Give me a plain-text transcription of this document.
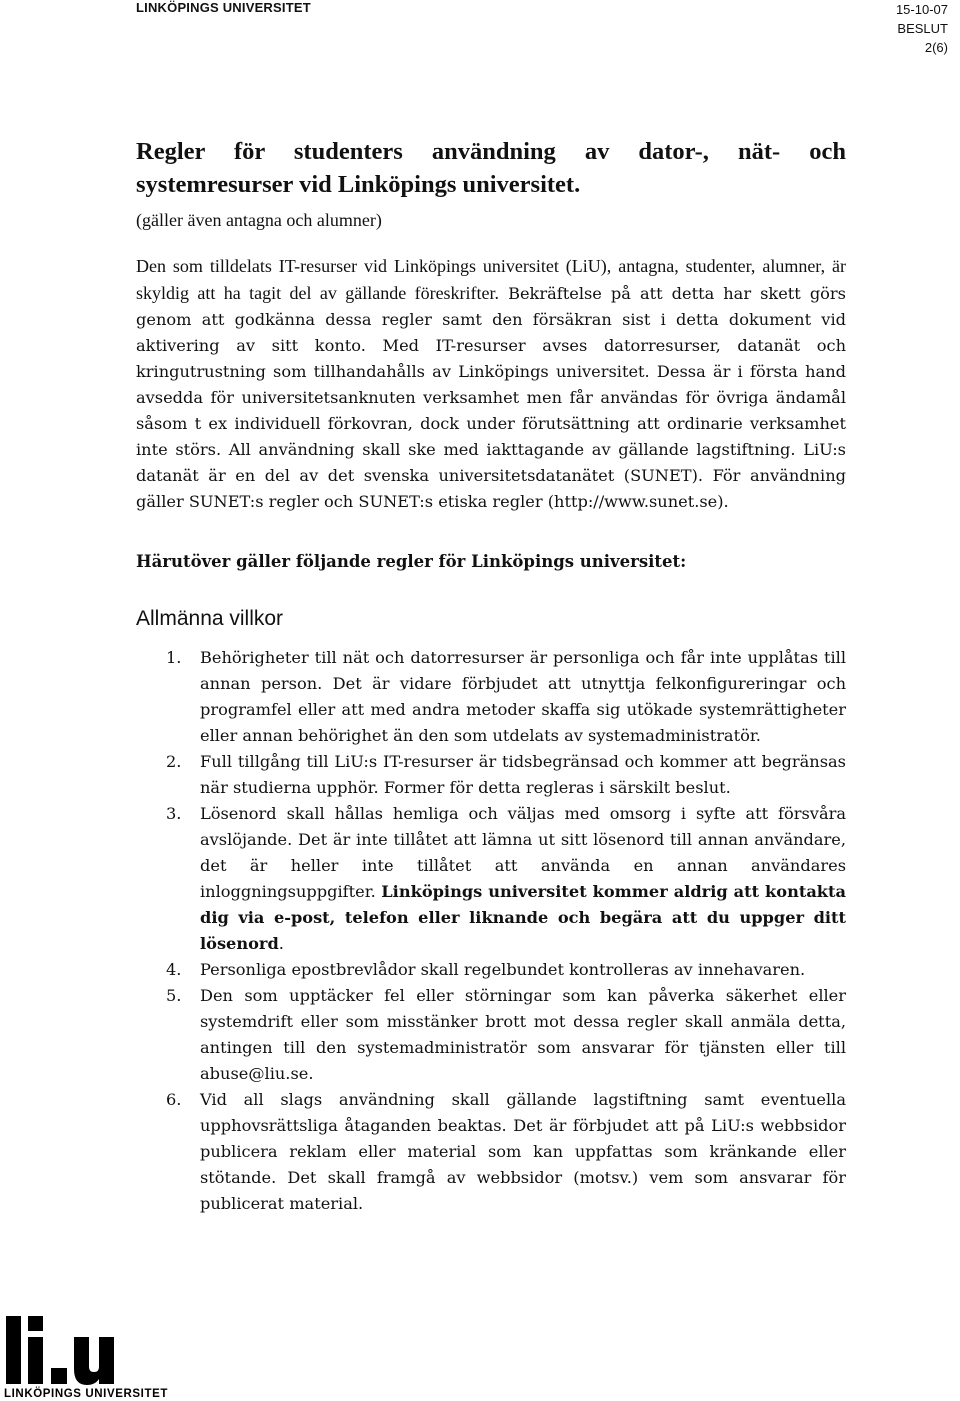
LINKÖPINGS UNIVERSITET	15-10-07
BESLUT
2(6)
Regler för studenters användning av dator-, nät- och systemresurser vid Linköpings universitet.

(gäller även antagna och alumner)

Den som tilldelats IT-resurser vid Linköpings universitet (LiU), antagna, studenter, alumner, är skyldig att ha tagit del av gällande föreskrifter. Bekräftelse på att detta har skett görs genom att godkänna dessa regler samt den försäkran sist i detta dokument vid aktivering av sitt konto. Med IT-resurser avses datorresurser, datanät och kringutrustning som tillhandahålls av Linköpings universitet. Dessa är i första hand avsedda för universitetsanknuten verksamhet men får användas för övriga ändamål såsom t ex individuell förkovran, dock under förutsättning att ordinarie verksamhet inte störs. All användning skall ske med iakttagande av gällande lagstiftning. LiU:s datanät är en del av det svenska universitetsdatanätet (SUNET). För användning gäller SUNET:s regler och SUNET:s etiska regler (http://www.sunet.se).

Härutöver gäller följande regler för Linköpings universitet:

Allmänna villkor
1. Behörigheter till nät och datorresurser är personliga och får inte upplåtas till annan person. Det är vidare förbjudet att utnyttja felkonfigureringar och programfel eller att med andra metoder skaffa sig utökade systemrättigheter eller annan behörighet än den som utdelats av systemadministratör.
2. Full tillgång till LiU:s IT-resurser är tidsbegränsad och kommer att begränsas när studierna upphör. Former för detta regleras i särskilt beslut.
3. Lösenord skall hållas hemliga och väljas med omsorg i syfte att försvåra avslöjande. Det är inte tillåtet att lämna ut sitt lösenord till annan användare, det är heller inte tillåtet att använda en annan användares inloggningsuppgifter. Linköpings universitet kommer aldrig att kontakta dig via e-post, telefon eller liknande och begära att du uppger ditt lösenord.
4. Personliga epostbrevlådor skall regelbundet kontrolleras av innehavaren.
5. Den som upptäcker fel eller störningar som kan påverka säkerhet eller systemdrift eller som misstänker brott mot dessa regler skall anmäla detta, antingen till den systemadministratör som ansvarar för tjänsten eller till abuse@liu.se.
6. Vid all slags användning skall gällande lagstiftning samt eventuella upphovsrättsliga åtaganden beaktas. Det är förbjudet att på LiU:s webbsidor publicera reklam eller material som kan uppfattas som kränkande eller stötande. Det skall framgå av webbsidor (motsv.) vem som ansvarar för publicerat material.
LINKÖPINGS UNIVERSITET
